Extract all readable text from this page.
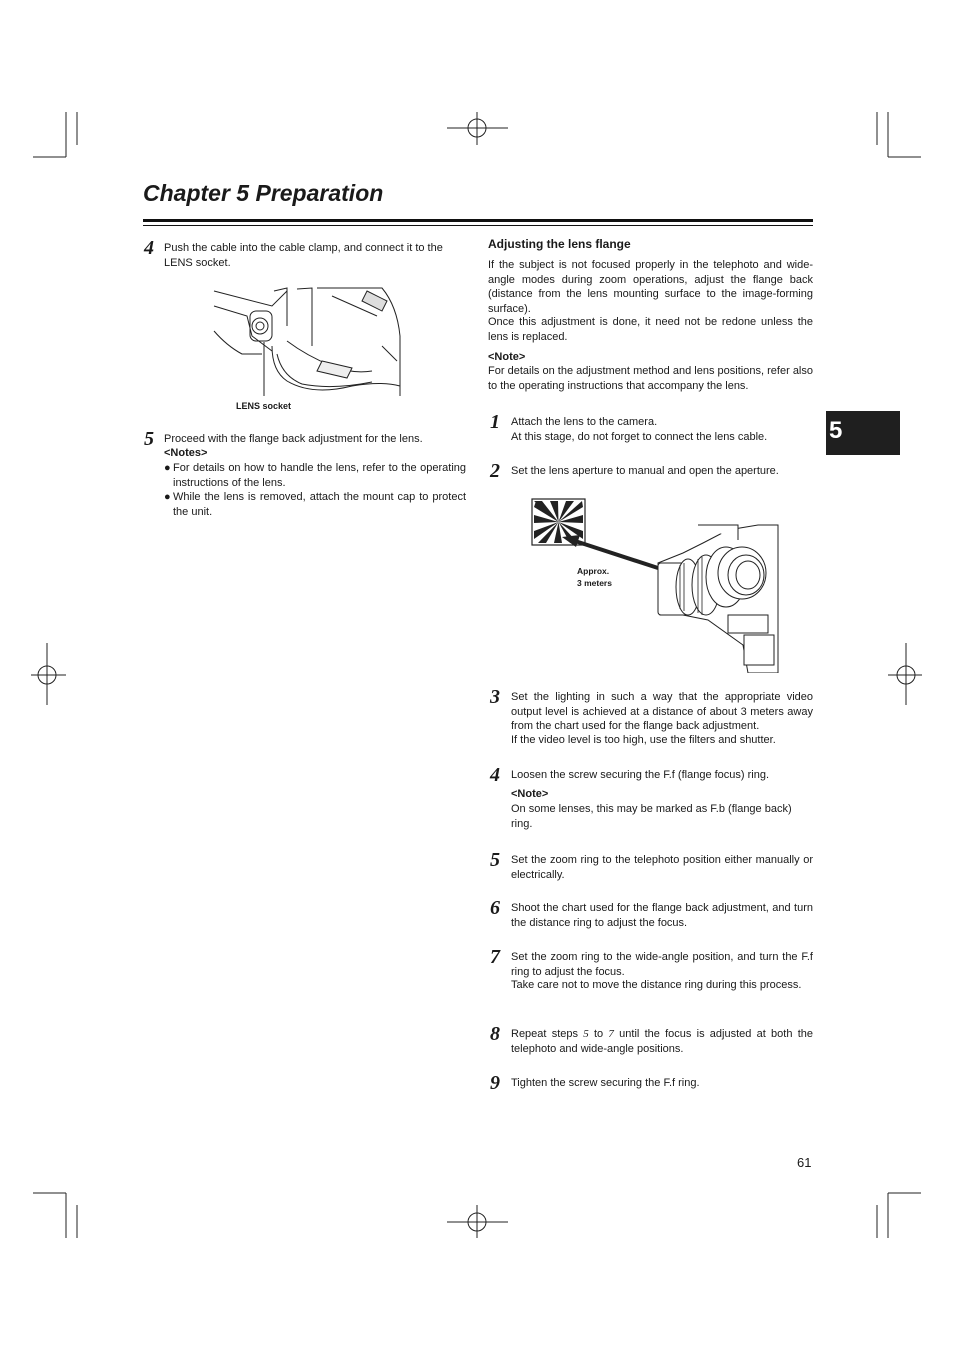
Chapter 5 Preparation
5
4 Push the cable into the cable clamp, and connect it to the LENS socket.
LENS socket
5 Proceed with the flange back adjustment for the lens.
<Notes>
● For details on how to handle the lens, refer to the operating instructions of the lens.
● While the lens is removed, attach the mount cap to protect the unit.
Adjusting the lens flange
If the subject is not focused properly in the telephoto and wide-angle modes during zoom operations, adjust the flange back (distance from the lens mounting surface to the image-forming surface).
Once this adjustment is done, it need not be redone unless the lens is replaced.
<Note>
For details on the adjustment method and lens positions, refer also to the operating instructions that accompany the lens.
1 Attach the lens to the camera.
At this stage, do not forget to connect the lens cable.
2 Set the lens aperture to manual and open the aperture.
Approx.
3 meters
3 Set the lighting in such a way that the appropriate video output level is achieved at a distance of about 3 meters away from the chart used for the flange back adjustment.
If the video level is too high, use the filters and shutter.
4 Loosen the screw securing the F.f (flange focus) ring.
<Note>
On some lenses, this may be marked as F.b (flange back) ring.
5 Set the zoom ring to the telephoto position either manually or electrically.
6 Shoot the chart used for the flange back adjustment, and turn the distance ring to adjust the focus.
7 Set the zoom ring to the wide-angle position, and turn the F.f ring to adjust the focus.
Take care not to move the distance ring during this process.
8 Repeat steps 5 to 7 until the focus is adjusted at both the telephoto and wide-angle positions.
9 Tighten the screw securing the F.f ring.
61
